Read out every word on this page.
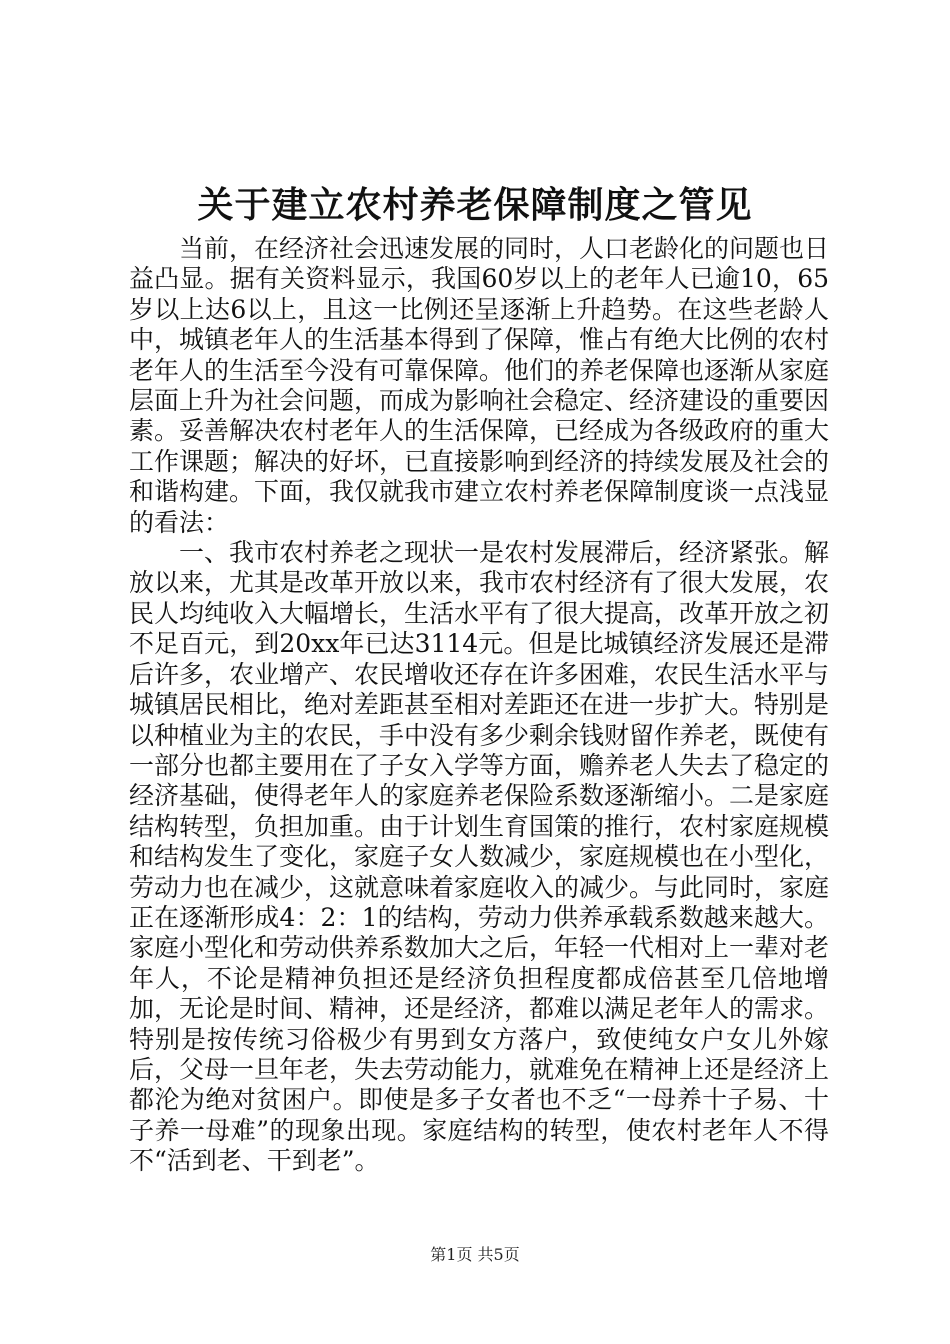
关于建立农村养老保障制度之管见

当前，在经济社会迅速发展的同时，人口老龄化的问题也日益凸显。据有关资料显示，我国60岁以上的老年人已逾10，65岁以上达6以上，且这一比例还呈逐渐上升趋势。在这些老龄人中，城镇老年人的生活基本得到了保障，惟占有绝大比例的农村老年人的生活至今没有可靠保障。他们的养老保障也逐渐从家庭层面上升为社会问题，而成为影响社会稳定、经济建设的重要因素。妥善解决农村老年人的生活保障，已经成为各级政府的重大工作课题；解决的好坏，已直接影响到经济的持续发展及社会的和谐构建。下面，我仅就我市建立农村养老保障制度谈一点浅显的看法：

一、我市农村养老之现状一是农村发展滞后，经济紧张。解放以来，尤其是改革开放以来，我市农村经济有了很大发展，农民人均纯收入大幅增长，生活水平有了很大提高，改革开放之初不足百元，到20xx年已达3114元。但是比城镇经济发展还是滞后许多，农业增产、农民增收还存在许多困难，农民生活水平与城镇居民相比，绝对差距甚至相对差距还在进一步扩大。特别是以种植业为主的农民，手中没有多少剩余钱财留作养老，既使有一部分也都主要用在了子女入学等方面，赡养老人失去了稳定的经济基础，使得老年人的家庭养老保险系数逐渐缩小。二是家庭结构转型，负担加重。由于计划生育国策的推行，农村家庭规模和结构发生了变化，家庭子女人数减少，家庭规模也在小型化，劳动力也在减少，这就意味着家庭收入的减少。与此同时，家庭正在逐渐形成4：2：1的结构，劳动力供养承载系数越来越大。家庭小型化和劳动供养系数加大之后，年轻一代相对上一辈对老年人，不论是精神负担还是经济负担程度都成倍甚至几倍地增加，无论是时间、精神，还是经济，都难以满足老年人的需求。特别是按传统习俗极少有男到女方落户，致使纯女户女儿外嫁后，父母一旦年老，失去劳动能力，就难免在精神上还是经济上都沦为绝对贫困户。即使是多子女者也不乏“一母养十子易、十子养一母难”的现象出现。家庭结构的转型，使农村老年人不得不“活到老、干到老”。

第1页 共5页
